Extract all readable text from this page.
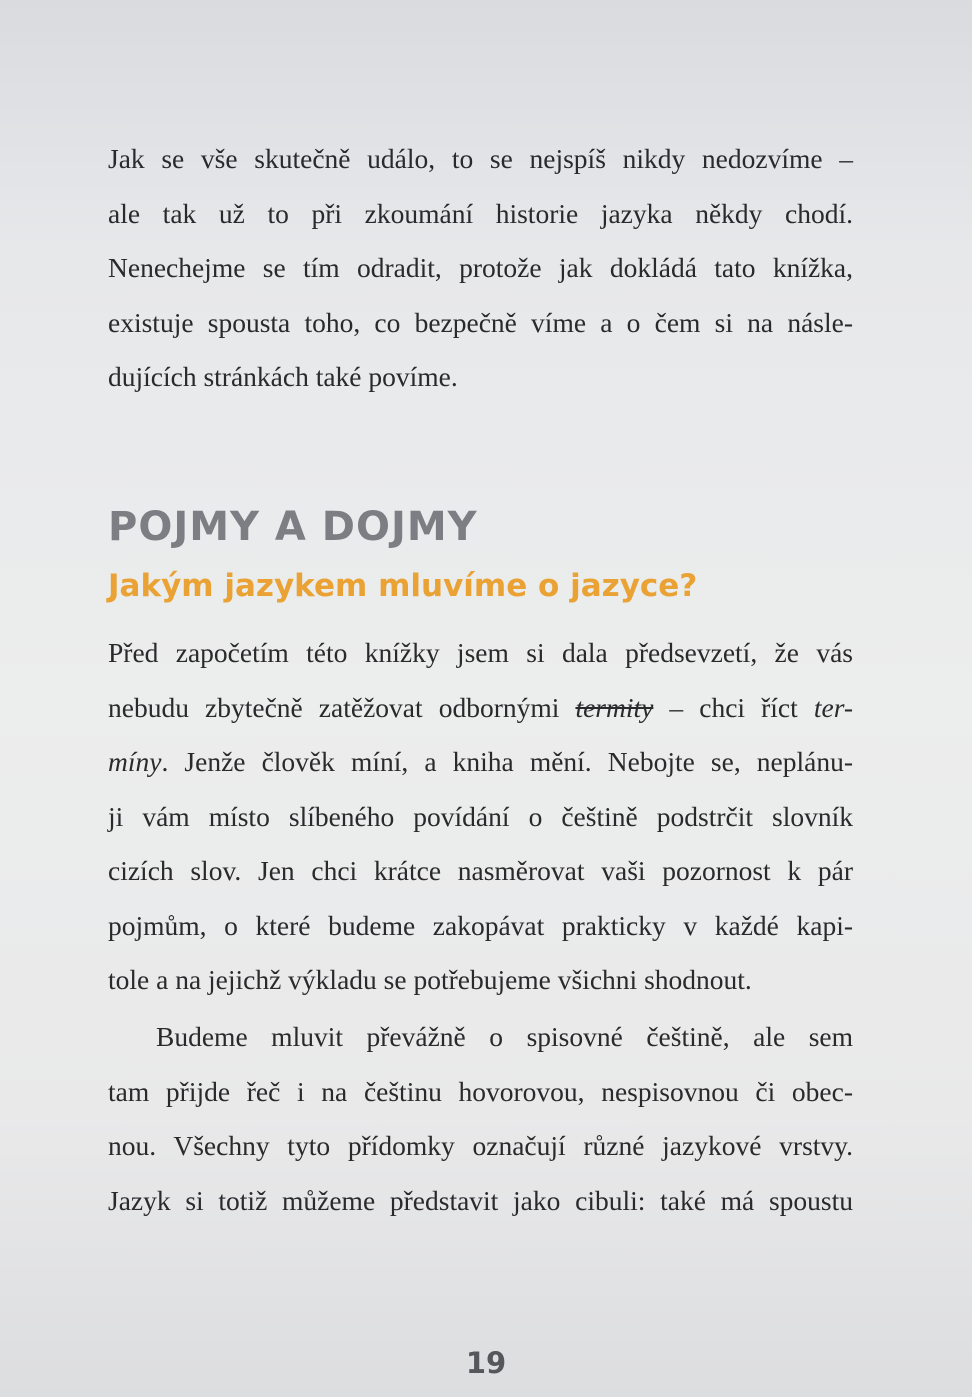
Jak se vše skutečně událo, to se nejspíš nikdy nedozvíme –
ale tak už to při zkoumání historie jazyka někdy chodí.
Nenechejme se tím odradit, protože jak dokládá tato knížka,
existuje spousta toho, co bezpečně víme a o čem si na násle-
dujících stránkách také povíme.
POJMY A DOJMY
Jakým jazykem mluvíme o jazyce?
Před započetím této knížky jsem si dala předsevzetí, že vás
nebudu zbytečně zatěžovat odbornými termity – chci říct ter-
míny. Jenže člověk míní, a kniha mění. Nebojte se, neplánu-
ji vám místo slíbeného povídání o češtině podstrčit slovník
cizích slov. Jen chci krátce nasměrovat vaši pozornost k pár
pojmům, o které budeme zakopávat prakticky v každé kapi-
tole a na jejichž výkladu se potřebujeme všichni shodnout.
Budeme mluvit převážně o spisovné češtině, ale sem
tam přijde řeč i na češtinu hovorovou, nespisovnou či obec-
nou. Všechny tyto přídomky označují různé jazykové vrstvy.
Jazyk si totiž můžeme představit jako cibuli: také má spoustu
19
